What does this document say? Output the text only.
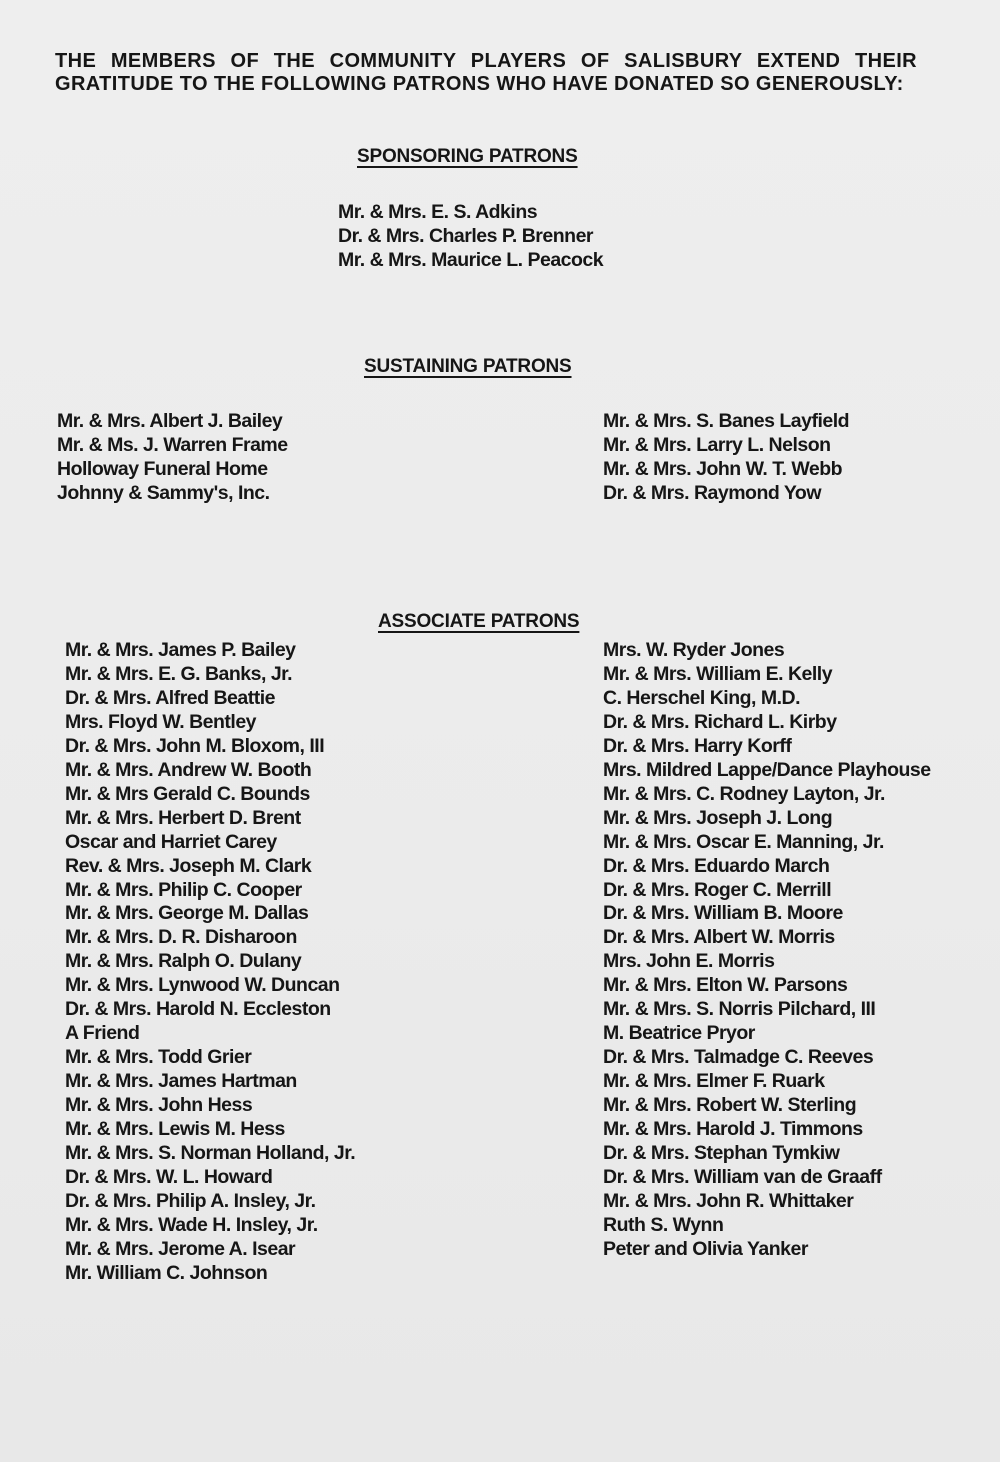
THE MEMBERS OF THE COMMUNITY PLAYERS OF SALISBURY EXTEND THEIR GRATITUDE TO THE FOLLOWING PATRONS WHO HAVE DONATED SO GENEROUSLY:

SPONSORING PATRONS
Mr. & Mrs. E. S. Adkins
Dr. & Mrs. Charles P. Brenner
Mr. & Mrs. Maurice L. Peacock
SUSTAINING PATRONS
Mr. & Mrs. Albert J. Bailey
Mr. & Ms. J. Warren Frame
Holloway Funeral Home
Johnny & Sammy's, Inc.
Mr. & Mrs. S. Banes Layfield
Mr. & Mrs. Larry L. Nelson
Mr. & Mrs. John W. T. Webb
Dr. & Mrs. Raymond Yow
ASSOCIATE PATRONS
Mr. & Mrs. James P. Bailey
Mr. & Mrs. E. G. Banks, Jr.
Dr. & Mrs. Alfred Beattie
Mrs. Floyd W. Bentley
Dr. & Mrs. John M. Bloxom, III
Mr. & Mrs. Andrew W. Booth
Mr. & Mrs Gerald C. Bounds
Mr. & Mrs. Herbert D. Brent
Oscar and Harriet Carey
Rev. & Mrs. Joseph M. Clark
Mr. & Mrs. Philip C. Cooper
Mr. & Mrs. George M. Dallas
Mr. & Mrs. D. R. Disharoon
Mr. & Mrs. Ralph O. Dulany
Mr. & Mrs. Lynwood W. Duncan
Dr. & Mrs. Harold N. Eccleston
A Friend
Mr. & Mrs. Todd Grier
Mr. & Mrs. James Hartman
Mr. & Mrs. John Hess
Mr. & Mrs. Lewis M. Hess
Mr. & Mrs. S. Norman Holland, Jr.
Dr. & Mrs. W. L. Howard
Dr. & Mrs. Philip A. Insley, Jr.
Mr. & Mrs. Wade H. Insley, Jr.
Mr. & Mrs. Jerome A. Isear
Mr. William C. Johnson
Mrs. W. Ryder Jones
Mr. & Mrs. William E. Kelly
C. Herschel King, M.D.
Dr. & Mrs. Richard L. Kirby
Dr. & Mrs. Harry Korff
Mrs. Mildred Lappe/Dance Playhouse
Mr. & Mrs. C. Rodney Layton, Jr.
Mr. & Mrs. Joseph J. Long
Mr. & Mrs. Oscar E. Manning, Jr.
Dr. & Mrs. Eduardo March
Dr. & Mrs. Roger C. Merrill
Dr. & Mrs. William B. Moore
Dr. & Mrs. Albert W. Morris
Mrs. John E. Morris
Mr. & Mrs. Elton W. Parsons
Mr. & Mrs. S. Norris Pilchard, III
M. Beatrice Pryor
Dr. & Mrs. Talmadge C. Reeves
Mr. & Mrs. Elmer F. Ruark
Mr. & Mrs. Robert W. Sterling
Mr. & Mrs. Harold J. Timmons
Dr. & Mrs. Stephan Tymkiw
Dr. & Mrs. William van de Graaff
Mr. & Mrs. John R. Whittaker
Ruth S. Wynn
Peter and Olivia Yanker
